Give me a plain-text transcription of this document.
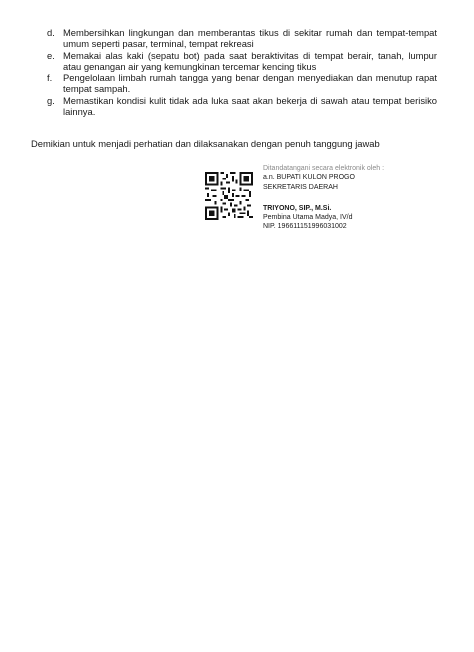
d. Membersihkan lingkungan dan memberantas tikus di sekitar rumah dan tempat-tempat umum seperti pasar, terminal, tempat rekreasi
e. Memakai alas kaki (sepatu bot) pada saat beraktivitas di tempat berair, tanah, lumpur atau genangan air yang kemungkinan tercemar kencing tikus
f. Pengelolaan limbah rumah tangga yang benar dengan menyediakan dan menutup rapat tempat sampah.
g. Memastikan kondisi kulit tidak ada luka saat akan bekerja di sawah atau tempat berisiko lainnya.
Demikian untuk menjadi perhatian dan dilaksanakan dengan penuh tanggung jawab
Ditandatangani secara elektronik oleh :
a.n. BUPATI KULON PROGO
SEKRETARIS DAERAH
TRIYONO, SIP., M.Si.
Pembina Utama Madya, IV/d
NIP. 196611151996031002
